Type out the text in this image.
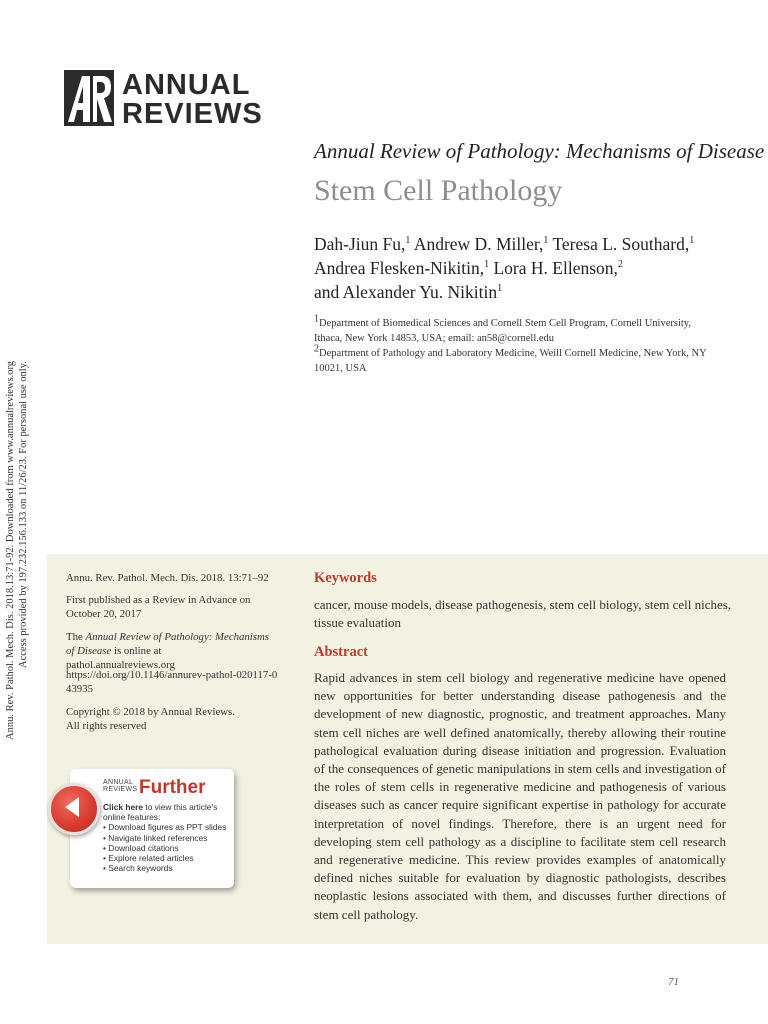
ANNUAL
REVIEWS
Annu. Rev. Pathol. Mech. Dis. 2018.13:71-92. Downloaded from www.annualreviews.org Access provided by 197.232.156.133 on 11/26/23. For personal use only.
Annual Review of Pathology: Mechanisms of Disease
Stem Cell Pathology
Dah-Jiun Fu,$^1$ Andrew D. Miller,$^1$ Teresa L. Southard,$^1$
Andrea Flesken-Nikitin,$^1$ Lora H. Ellenson,$^2$
and Alexander Yu. Nikitin$^1$
$^1$Department of Biomedical Sciences and Cornell Stem Cell Program, Cornell University, Ithaca, New York 14853, USA; email: an58@cornell.edu
$^2$Department of Pathology and Laboratory Medicine, Weill Cornell Medicine, New York, NY 10021, USA
Annu. Rev. Pathol. Mech. Dis. 2018. 13:71–92
First published as a Review in Advance on October 20, 2017
The Annual Review of Pathology: Mechanisms of Disease is online at pathol.annualreviews.org
https://doi.org/10.1146/annurev-pathol-020117-043935
Copyright © 2018 by Annual Reviews. All rights reserved
ANNUAL
REVIEWS Further
Click here to view this article's online features:
• Download figures as PPT slides
• Navigate linked references
• Download citations
• Explore related articles
• Search keywords
Keywords
cancer, mouse models, disease pathogenesis, stem cell biology, stem cell niches, tissue evaluation
Abstract
Rapid advances in stem cell biology and regenerative medicine have opened new opportunities for better understanding disease pathogenesis and the development of new diagnostic, prognostic, and treatment approaches. Many stem cell niches are well defined anatomically, thereby allowing their routine pathological evaluation during disease initiation and progression. Evaluation of the consequences of genetic manipulations in stem cells and investigation of the roles of stem cells in regenerative medicine and pathogenesis of various diseases such as cancer require significant expertise in pathology for accurate interpretation of novel findings. Therefore, there is an urgent need for developing stem cell pathology as a discipline to facilitate stem cell research and regenerative medicine. This review provides examples of anatomically defined niches suitable for evaluation by diagnostic pathologists, describes neoplastic lesions associated with them, and discusses further directions of stem cell pathology.
71
